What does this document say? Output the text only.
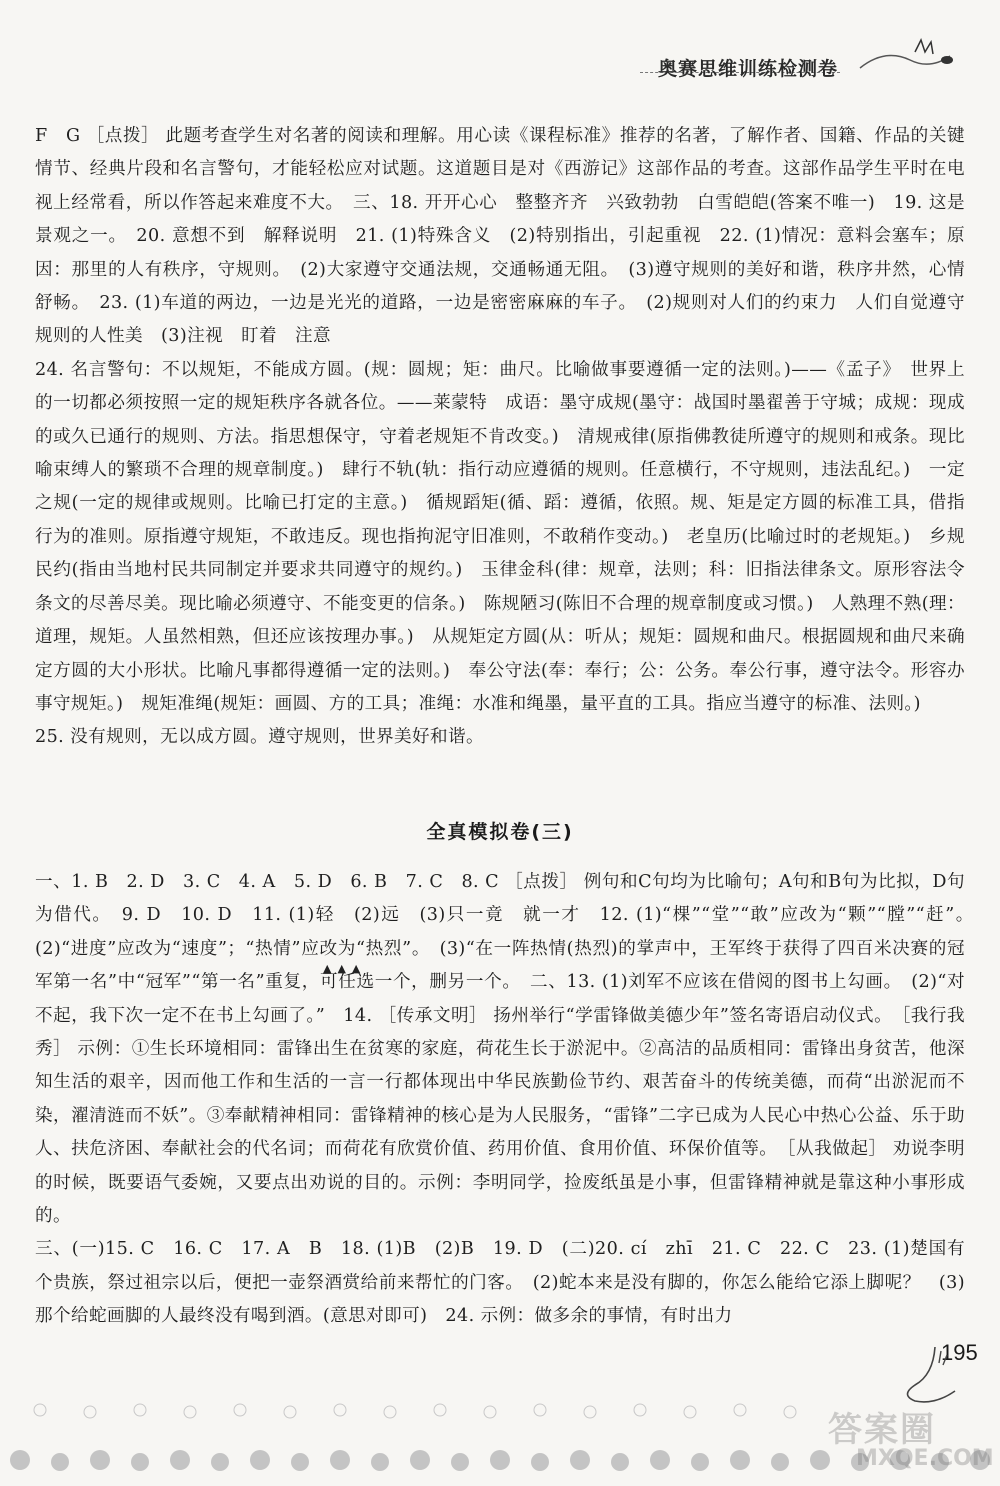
奥赛思维训练检测卷

F　G ［点拨］ 此题考查学生对名著的阅读和理解。用心读《课程标准》推荐的名著，了解作者、国籍、作品的关键情节、经典片段和名言警句，才能轻松应对试题。这道题目是对《西游记》这部作品的考查。这部作品学生平时在电视上经常看，所以作答起来难度不大。　三、18. 开开心心　整整齐齐　兴致勃勃　白雪皑皑(答案不唯一)　19. 这是景观之一。　20. 意想不到　解释说明　21. (1)特殊含义　(2)特别指出，引起重视　22. (1)情况：意料会塞车；原因：那里的人有秩序，守规则。　(2)大家遵守交通法规，交通畅通无阻。　(3)遵守规则的美好和谐，秩序井然，心情舒畅。　23. (1)车道的两边，一边是光光的道路，一边是密密麻麻的车子。　(2)规则对人们的约束力　人们自觉遵守规则的人性美　(3)注视　盯着　注意

24. 名言警句：不以规矩，不能成方圆。(规：圆规；矩：曲尺。比喻做事要遵循一定的法则。)——《孟子》　世界上的一切都必须按照一定的规矩秩序各就各位。——莱蒙特　成语：墨守成规(墨守：战国时墨翟善于守城；成规：现成的或久已通行的规则、方法。指思想保守，守着老规矩不肯改变。)　清规戒律(原指佛教徒所遵守的规则和戒条。现比喻束缚人的繁琐不合理的规章制度。)　肆行不轨(轨：指行动应遵循的规则。任意横行，不守规则，违法乱纪。)　一定之规(一定的规律或规则。比喻已打定的主意。)　循规蹈矩(循、蹈：遵循，依照。规、矩是定方圆的标准工具，借指行为的准则。原指遵守规矩，不敢违反。现也指拘泥守旧准则，不敢稍作变动。)　老皇历(比喻过时的老规矩。)　乡规民约(指由当地村民共同制定并要求共同遵守的规约。)　玉律金科(律：规章，法则；科：旧指法律条文。原形容法令条文的尽善尽美。现比喻必须遵守、不能变更的信条。)　陈规陋习(陈旧不合理的规章制度或习惯。)　人熟理不熟(理：道理，规矩。人虽然相熟，但还应该按理办事。)　从规矩定方圆(从：听从；规矩：圆规和曲尺。根据圆规和曲尺来确定方圆的大小形状。比喻凡事都得遵循一定的法则。)　奉公守法(奉：奉行；公：公务。奉公行事，遵守法令。形容办事守规矩。)　规矩准绳(规矩：画圆、方的工具；准绳：水准和绳墨，量平直的工具。指应当遵守的标准、法则。)

25. 没有规则，无以成方圆。遵守规则，世界美好和谐。

全真模拟卷(三)

一、1. B　2. D　3. C　4. A　5. D　6. B　7. C　8. C ［点拨］ 例句和C句均为比喻句；A句和B句为比拟，D句为借代。　9. D　10. D　11. (1)轻　(2)远　(3)只一竟　就一才　12. (1)“棵”“堂”“敢”应改为“颗”“膛”“赶”。　(2)“进度”应改为“速度”；“热情”应改为“热烈”。　(3)“在一阵热情(热烈)的掌声中，王军终于获得了四百米决赛的冠军第一名”中“冠军”“第一名”重复，可任选一个，删另一个。　二、13. (1)刘军不应该在借阅的图书上勾画。　(2)“对不起，我下次一定不在书上勾画了。”　14. ［传承文明］ 扬州举行“学雷锋做美德少年”签名寄语启动仪式。　［我行我秀］ 示例：①生长环境相同：雷锋出生在贫寒的家庭，荷花生长于淤泥中。②高洁的品质相同：雷锋出身贫苦，他深知生活的艰辛，因而他工作和生活的一言一行都体现出中华民族勤俭节约、艰苦奋斗的传统美德，而荷“出淤泥而不染，濯清涟而不妖”。③奉献精神相同：雷锋精神的核心是为人民服务，“雷锋”二字已成为人民心中热心公益、乐于助人、扶危济困、奉献社会的代名词；而荷花有欣赏价值、药用价值、食用价值、环保价值等。　［从我做起］ 劝说李明的时候，既要语气委婉，又要点出劝说的目的。示例：李明同学，捡废纸虽是小事，但雷锋精神就是靠这种小事形成的。

三、(一)15. C　16. C　17. A　B　18. (1)B　(2)B　19. D　(二)20. cí　zhī　21. C　22. C　23. (1)楚国有个贵族，祭过祖宗以后，便把一壶祭酒赏给前来帮忙的门客。　(2)蛇本来是没有脚的，你怎么能给它添上脚呢？　(3)那个给蛇画脚的人最终没有喝到酒。(意思对即可)　24. 示例：做多余的事情，有时出力

▲▲▲
195
答案圈
MXQE.COM
